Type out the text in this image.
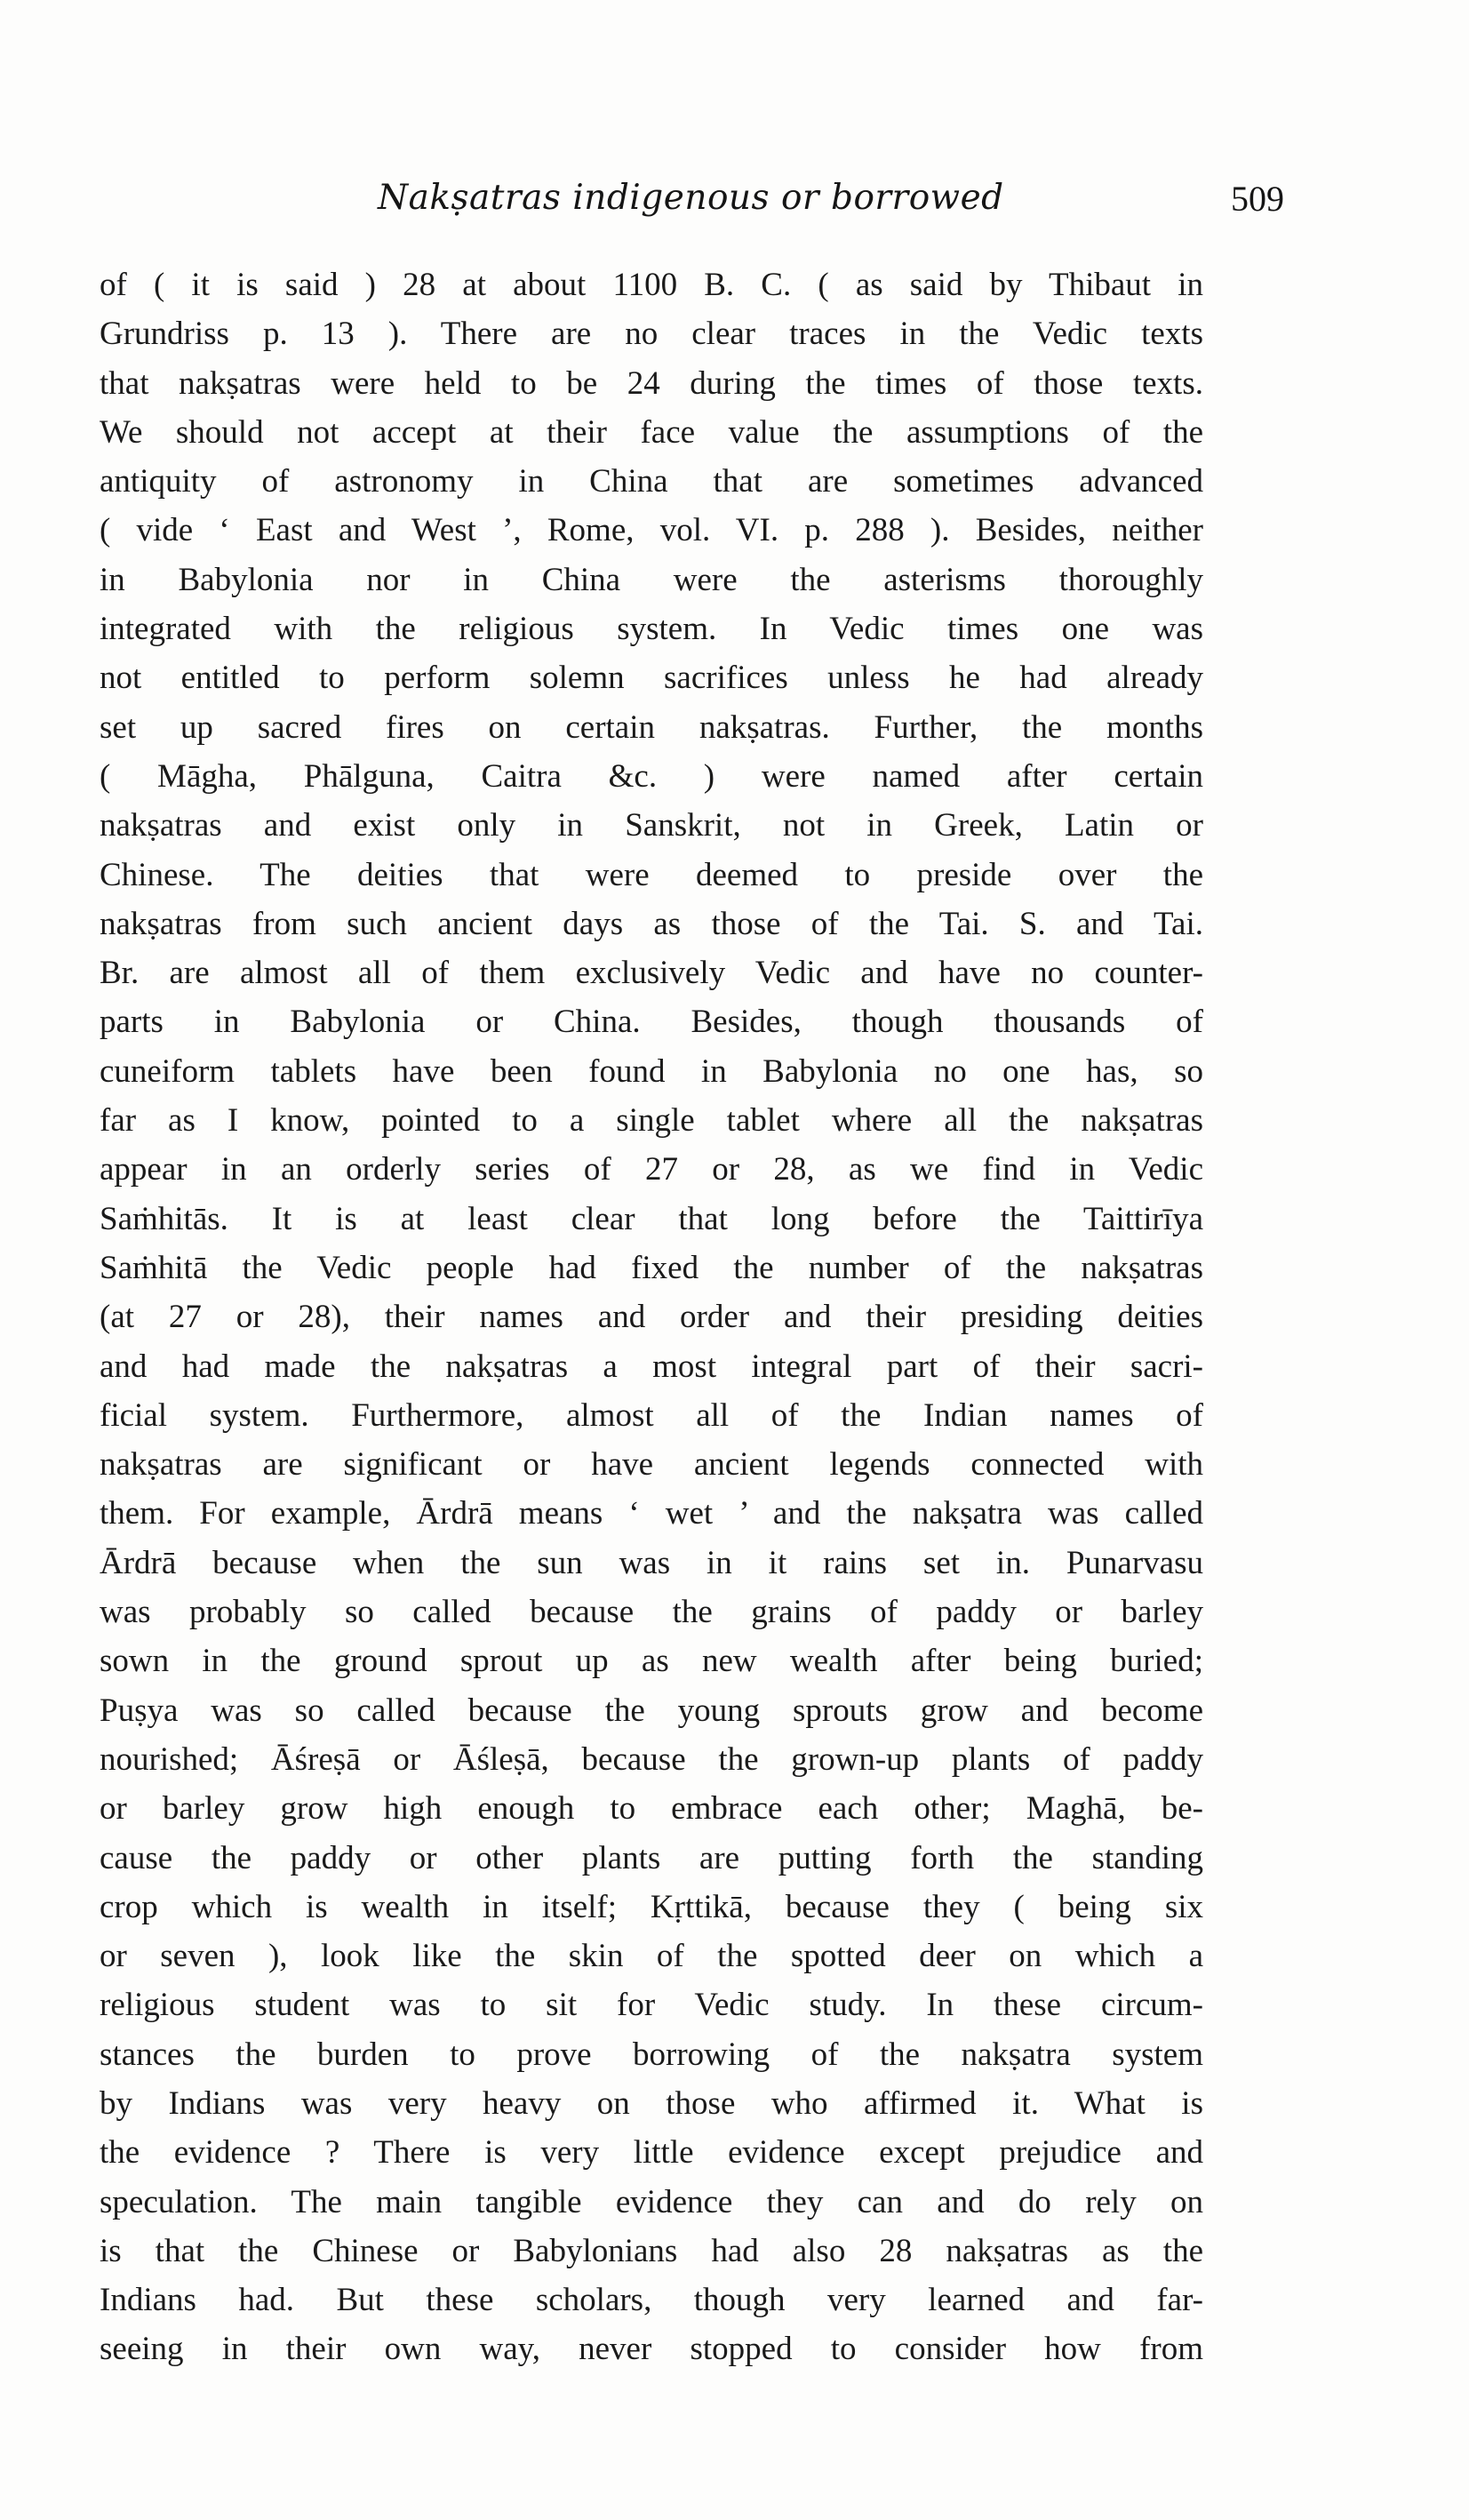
Nakṣatras indigenous or borrowed	509
of ( it is said ) 28 at about 1100 B. C. ( as said by Thibaut in
Grundriss p. 13 ). There are no clear traces in the Vedic texts
that nakṣatras were held to be 24 during the times of those texts.
We should not accept at their face value the assumptions of the
antiquity of astronomy in China that are sometimes advanced
( vide ‘ East and West ’, Rome, vol. VI. p. 288 ). Besides, neither
in Babylonia nor in China were the asterisms thoroughly
integrated with the religious system. In Vedic times one was
not entitled to perform solemn sacrifices unless he had already
set up sacred fires on certain nakṣatras. Further, the months
( Māgha, Phālguna, Caitra &c. ) were named after certain
nakṣatras and exist only in Sanskrit, not in Greek, Latin or
Chinese. The deities that were deemed to preside over the
nakṣatras from such ancient days as those of the Tai. S. and Tai.
Br. are almost all of them exclusively Vedic and have no counter-
parts in Babylonia or China. Besides, though thousands of
cuneiform tablets have been found in Babylonia no one has, so
far as I know, pointed to a single tablet where all the nakṣatras
appear in an orderly series of 27 or 28, as we find in Vedic
Saṁhitās. It is at least clear that long before the Taittirīya
Saṁhitā the Vedic people had fixed the number of the nakṣatras
(at 27 or 28), their names and order and their presiding deities
and had made the nakṣatras a most integral part of their sacri-
ficial system. Furthermore, almost all of the Indian names of
nakṣatras are significant or have ancient legends connected with
them. For example, Ārdrā means ‘ wet ’ and the nakṣatra was called
Ārdrā because when the sun was in it rains set in. Punarvasu
was probably so called because the grains of paddy or barley
sown in the ground sprout up as new wealth after being buried;
Puṣya was so called because the young sprouts grow and become
nourished; Āśreṣā or Āśleṣā, because the grown-up plants of paddy
or barley grow high enough to embrace each other; Maghā, be-
cause the paddy or other plants are putting forth the standing
crop which is wealth in itself; Kṛttikā, because they ( being six
or seven ), look like the skin of the spotted deer on which a
religious student was to sit for Vedic study. In these circum-
stances the burden to prove borrowing of the nakṣatra system
by Indians was very heavy on those who affirmed it. What is
the evidence ? There is very little evidence except prejudice and
speculation. The main tangible evidence they can and do rely on
is that the Chinese or Babylonians had also 28 nakṣatras as the
Indians had. But these scholars, though very learned and far-
seeing in their own way, never stopped to consider how from
